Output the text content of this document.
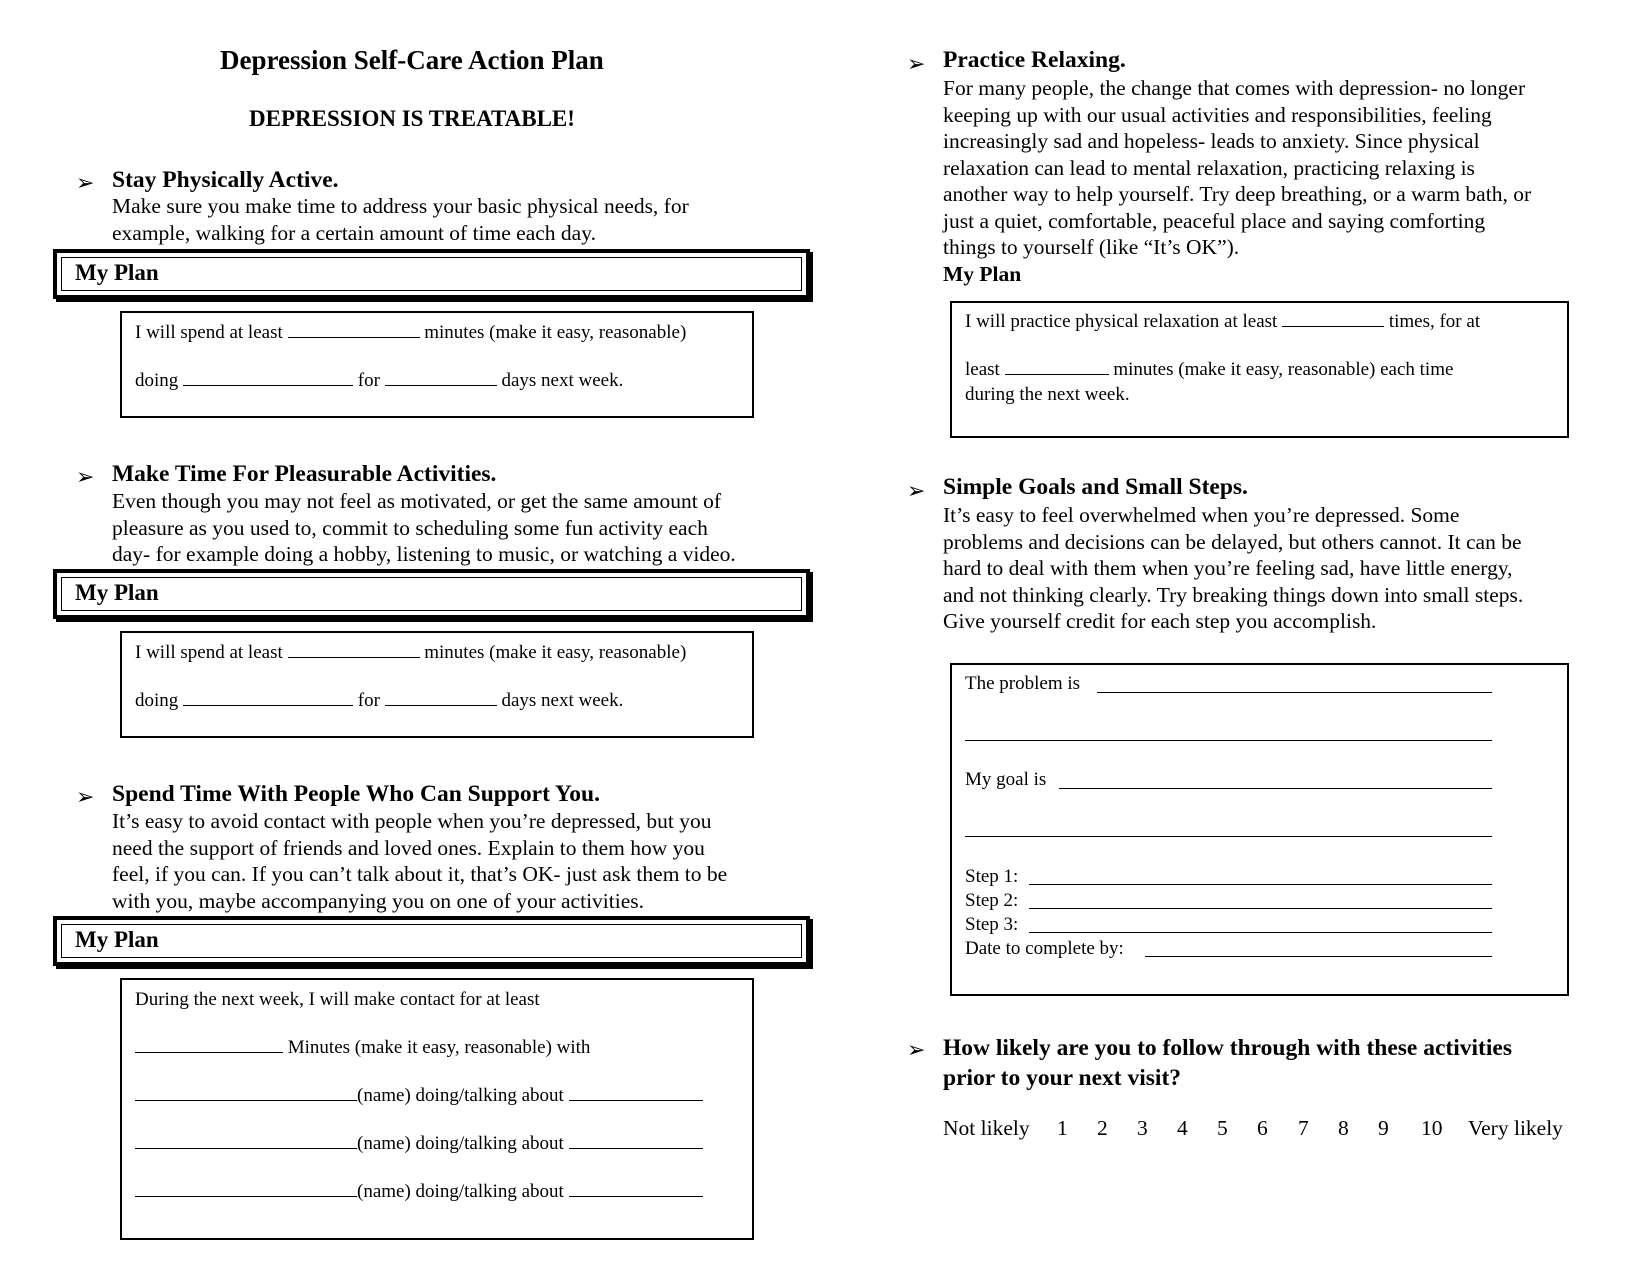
Depression Self-Care Action Plan
DEPRESSION IS TREATABLE!
➢ Stay Physically Active.
Make sure you make time to address your basic physical needs, for
example, walking for a certain amount of time each day.
My Plan
I will spend at least	minutes (make it easy, reasonable)
doing	for	days next week.
➢ Make Time For Pleasurable Activities.
Even though you may not feel as motivated, or get the same amount of
pleasure as you used to, commit to scheduling some fun activity each
day- for example doing a hobby, listening to music, or watching a video.
My Plan
I will spend at least	minutes (make it easy, reasonable)
doing	for	days next week.
➢ Spend Time With People Who Can Support You.
It’s easy to avoid contact with people when you’re depressed, but you
need the support of friends and loved ones. Explain to them how you
feel, if you can. If you can’t talk about it, that’s OK- just ask them to be
with you, maybe accompanying you on one of your activities.
My Plan
During the next week, I will make contact for at least
Minutes (make it easy, reasonable) with
(name) doing/talking about
(name) doing/talking about
(name) doing/talking about
➢ Practice Relaxing.
For many people, the change that comes with depression- no longer
keeping up with our usual activities and responsibilities, feeling
increasingly sad and hopeless- leads to anxiety. Since physical
relaxation can lead to mental relaxation, practicing relaxing is
another way to help yourself. Try deep breathing, or a warm bath, or
just a quiet, comfortable, peaceful place and saying comforting
things to yourself (like “It’s OK”).
My Plan
I will practice physical relaxation at least	times, for at
least	minutes (make it easy, reasonable) each time
during the next week.
➢ Simple Goals and Small Steps.
It’s easy to feel overwhelmed when you’re depressed. Some
problems and decisions can be delayed, but others cannot. It can be
hard to deal with them when you’re feeling sad, have little energy,
and not thinking clearly. Try breaking things down into small steps.
Give yourself credit for each step you accomplish.
The problem is
My goal is
Step 1:
Step 2:
Step 3:
Date to complete by:
➢ How likely are you to follow through with these activities
prior to your next visit?
Not likely 1 2 3 4 5 6 7 8 9 10 Very likely
